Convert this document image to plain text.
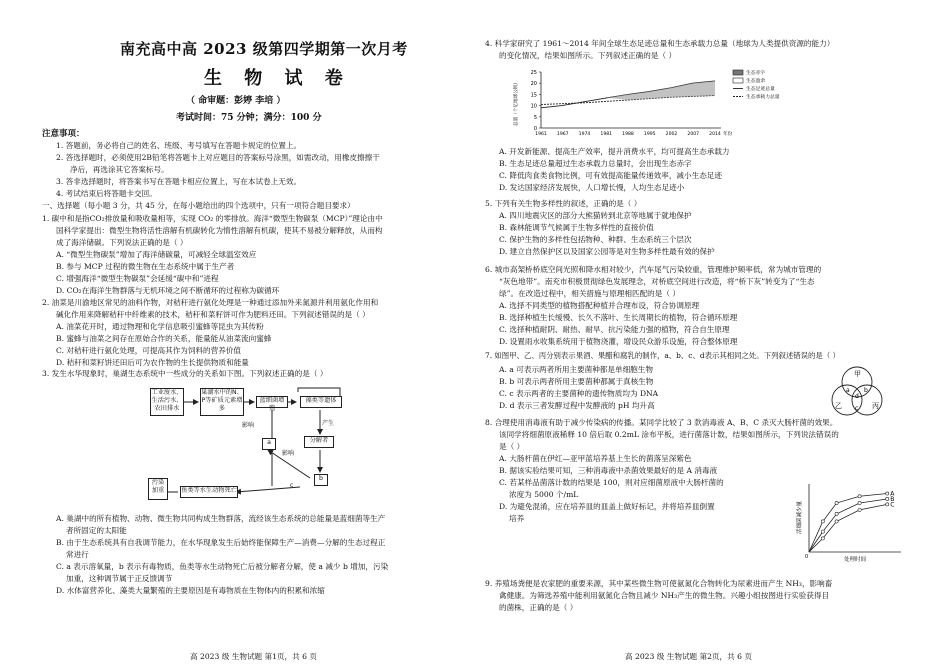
南充高中高 2023 级第四学期第一次月考
生 物 试 卷
（ 命审题：彭婷 李培 ）
考试时间：75 分钟；满分：100 分
注意事项：
1. 答题前，务必将自己的姓名、班级、考号填写在答题卡规定的位置上。
2. 答选择题时，必须使用2B铅笔将答题卡上对应题目的答案标号涂黑，如需改动，用橡皮擦擦干
净后，再选涂其它答案标号。
3. 答非选择题时，将答案书写在答题卡相应位置上，写在本试卷上无效。
4. 考试结束后将答题卡交回。
一、选择题（每小题 3 分，共 45 分，在每小题给出的四个选项中，只有一项符合题目要求）
1. 碳中和是指CO₂排放量和吸收量相等，实现 CO₂ 的零排放。海洋“微型生物碳泵（MCP）”理论由中
国科学家提出：微型生物将活性溶解有机碳转化为惰性溶解有机碳，使其不易被分解释放，从而构
成了海洋储碳。下列说法正确的是（ ）
A. “微型生物碳泵”增加了海洋储碳量，可减轻全球温室效应
B. 参与 MCP 过程的微生物在生态系统中属于生产者
C. 增强海洋“微型生物碳泵”会延缓“碳中和”进程
D. CO₂在海洋生物群落与无机环境之间不断循环的过程称为碳循环
2. 油菜是川渝地区常见的油料作物，对秸秆进行氨化处理是一种通过添加外来氮源并利用氨化作用和
碱化作用来降解秸秆中纤维素的技术，秸秆和菜籽饼可作为肥料还田。下列叙述错误的是（ ）
A. 油菜花开时，通过物理和化学信息吸引蜜蜂等昆虫为其传粉
B. 蜜蜂与油菜之间存在原始合作的关系，能量能从油菜流向蜜蜂
C. 对秸秆进行氨化处理，可提高其作为饲料的营养价值
D. 秸秆和菜籽饼还田后可为农作物的生长提供物质和能量
3. 发生水华现象时，巢湖生态系统中一些成分的关系如下图。下列叙述正确的是（ ）
工业废水、生活污水、农田排水
巢湖水中的N、P等矿质元素增多
蓝细菌增殖
藻类等遗体
分解者
鱼类等水生动物死亡
污染加重
a
b
影响
影响
产生
c
A. 巢湖中的所有植物、动物、微生物共同构成生物群落，流经该生态系统的总能量是蓝细菌等生产
者所固定的太阳能
B. 由于生态系统具有自我调节能力，在水华现象发生后始终能保障生产—消费—分解的生态过程正
常进行
C. a 表示溶氧量，b 表示有毒物质，鱼类等水生动物死亡后被分解者分解，使 a 减少 b 增加，污染
加重，这种调节属于正反馈调节
D. 水体富营养化、藻类大量繁殖的主要原因是有毒物质在生物体内的积累和浓缩
高 2023 级 生物试题 第1页，共 6 页
4. 科学家研究了 1961～2014 年间全球生态足迹总量和生态承载力总量（地球为人类提供资源的能力）
的变化情况，结果如图所示。下列叙述正确的是（ ）
0
5
10
15
20
25
1961 1967 1974 1981 1988 1995 2002 2007 2014 年份
总量（十亿地球公顷）
生态赤字
生态盈余
生态足迹总量
生态承载力总量
A. 开发新能源、提高生产效率，提升消费水平，均可提高生态承载力
B. 生态足迹总量超过生态承载力总量时，会出现生态赤字
C. 降低肉食类食物比例，可有效提高能量传递效率，减小生态足迹
D. 发达国家经济发展快，人口增长慢，人均生态足迹小
5. 下列有关生物多样性的叙述，正确的是（ ）
A. 四川地震灾区的部分大熊猫转到北京等地属于就地保护
B. 森林能调节气候属于生物多样性的直接价值
C. 保护生物的多样性包括物种、种群、生态系统三个层次
D. 建立自然保护区以及国家公园等是对生物多样性最有效的保护
6. 城市高架桥桥底空间光照和降水相对较少，汽车尾气污染较重，管理维护频率低，常为城市管理的
“灰色地带”。南充市积极贯彻绿色发展理念，对桥底空间进行改造，将“桥下灰”转变为了“生态
绿”。在改造过程中，相关措施与原理相匹配的是（ ）
A. 选择不同类型的植物搭配种植并合理布设，符合协调原理
B. 选择种植生长缓慢、长久不落叶、生长周期长的植物，符合循环原理
C. 选择种植耐阴、耐热、耐旱、抗污染能力强的植物，符合自生原理
D. 设置雨水收集系统用于植物浇灌，增设民众游乐设施，符合整体原理
7. 如图甲、乙、丙分别表示果酒、果醋和腐乳的制作，a、b、c、d表示其相同之处。下列叙述错误的是（ ）
A. a 可表示两者所用主要菌种都是单细胞生物
B. b 可表示两者所用主要菌种都属于真核生物
C. c 表示两者的主要菌种的遗传物质均为 DNA
D. d 表示三者发酵过程中发酵液的 pH 均升高
甲
乙	丙
a b
c
d
8. 合理使用消毒液有助于减少传染病的传播。某同学比较了 3 款消毒液 A、B、C 杀灭大肠杆菌的效果。
该同学将细菌原液稀释 10 倍后取 0.2mL 涂布平板，进行菌落计数，结果如图所示，下列说法错误的
是（ ）
A. 大肠杆菌在伊红—亚甲蓝培养基上生长的菌落呈深紫色
B. 据该实验结果可知，三种消毒液中杀菌效果最好的是 A 消毒液
C. 若某样品菌落计数的结果是 100，则对应细菌原液中大肠杆菌的
浓度为 5000 个/mL
D. 为避免混淆，应在培养皿的皿盖上做好标记，并将培养皿倒置
培养
0	处理时间
活细菌减少量
A
B
C
9. 养殖场粪便是农家肥的重要来源，其中某些微生物可使氨氮化合物转化为尿素进而产生 NH₃，影响畜
禽健康。为筛选养殖中能利用氨氮化合物且减少 NH₃产生的微生物。兴趣小组按图进行实验获得目
的菌株，正确的是（ ）
高 2023 级 生物试题 第2页，共 6 页
